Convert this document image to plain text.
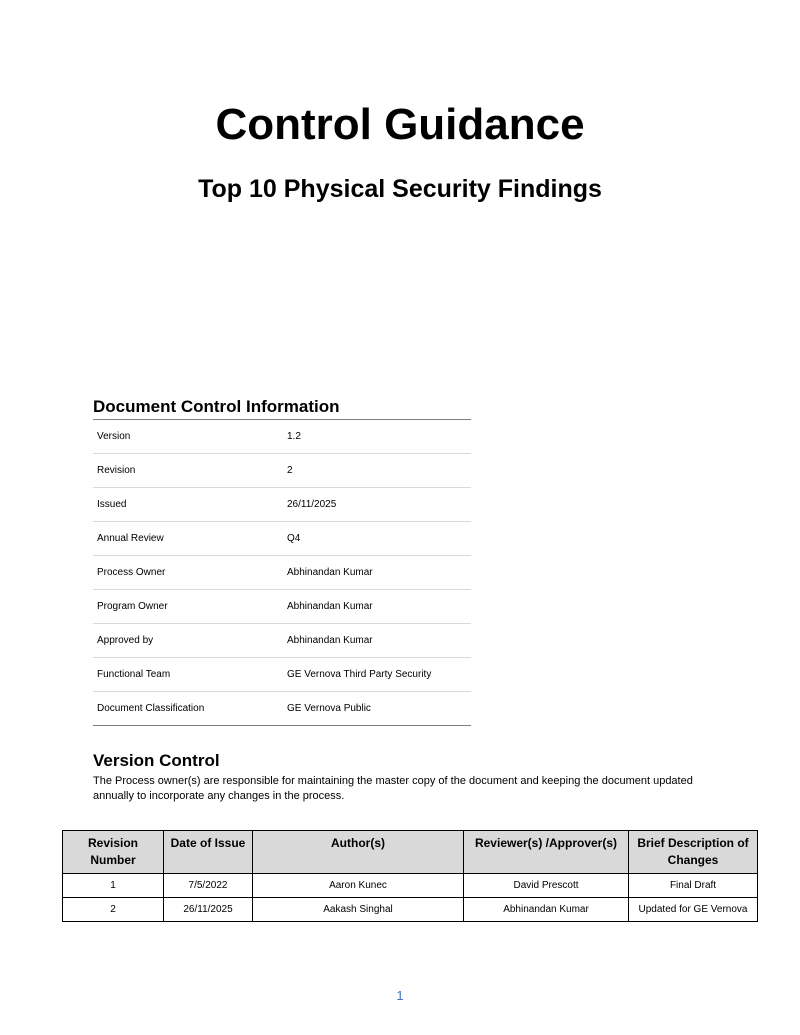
Control Guidance
Top 10 Physical Security Findings
Document Control Information
Version	1.2
Revision	2
Issued	26/11/2025
Annual Review	Q4
Process Owner	Abhinandan Kumar
Program Owner	Abhinandan Kumar
Approved by	Abhinandan Kumar
Functional Team	GE Vernova Third Party Security
Document Classification	GE Vernova Public
Version Control
The Process owner(s) are responsible for maintaining the master copy of the document and keeping the document updated annually to incorporate any changes in the process.
Revision Number	Date of Issue	Author(s)	Reviewer(s) /Approver(s)	Brief Description of Changes
1	7/5/2022	Aaron Kunec	David Prescott	Final Draft
2	26/11/2025	Aakash Singhal	Abhinandan Kumar	Updated for GE Vernova
1
